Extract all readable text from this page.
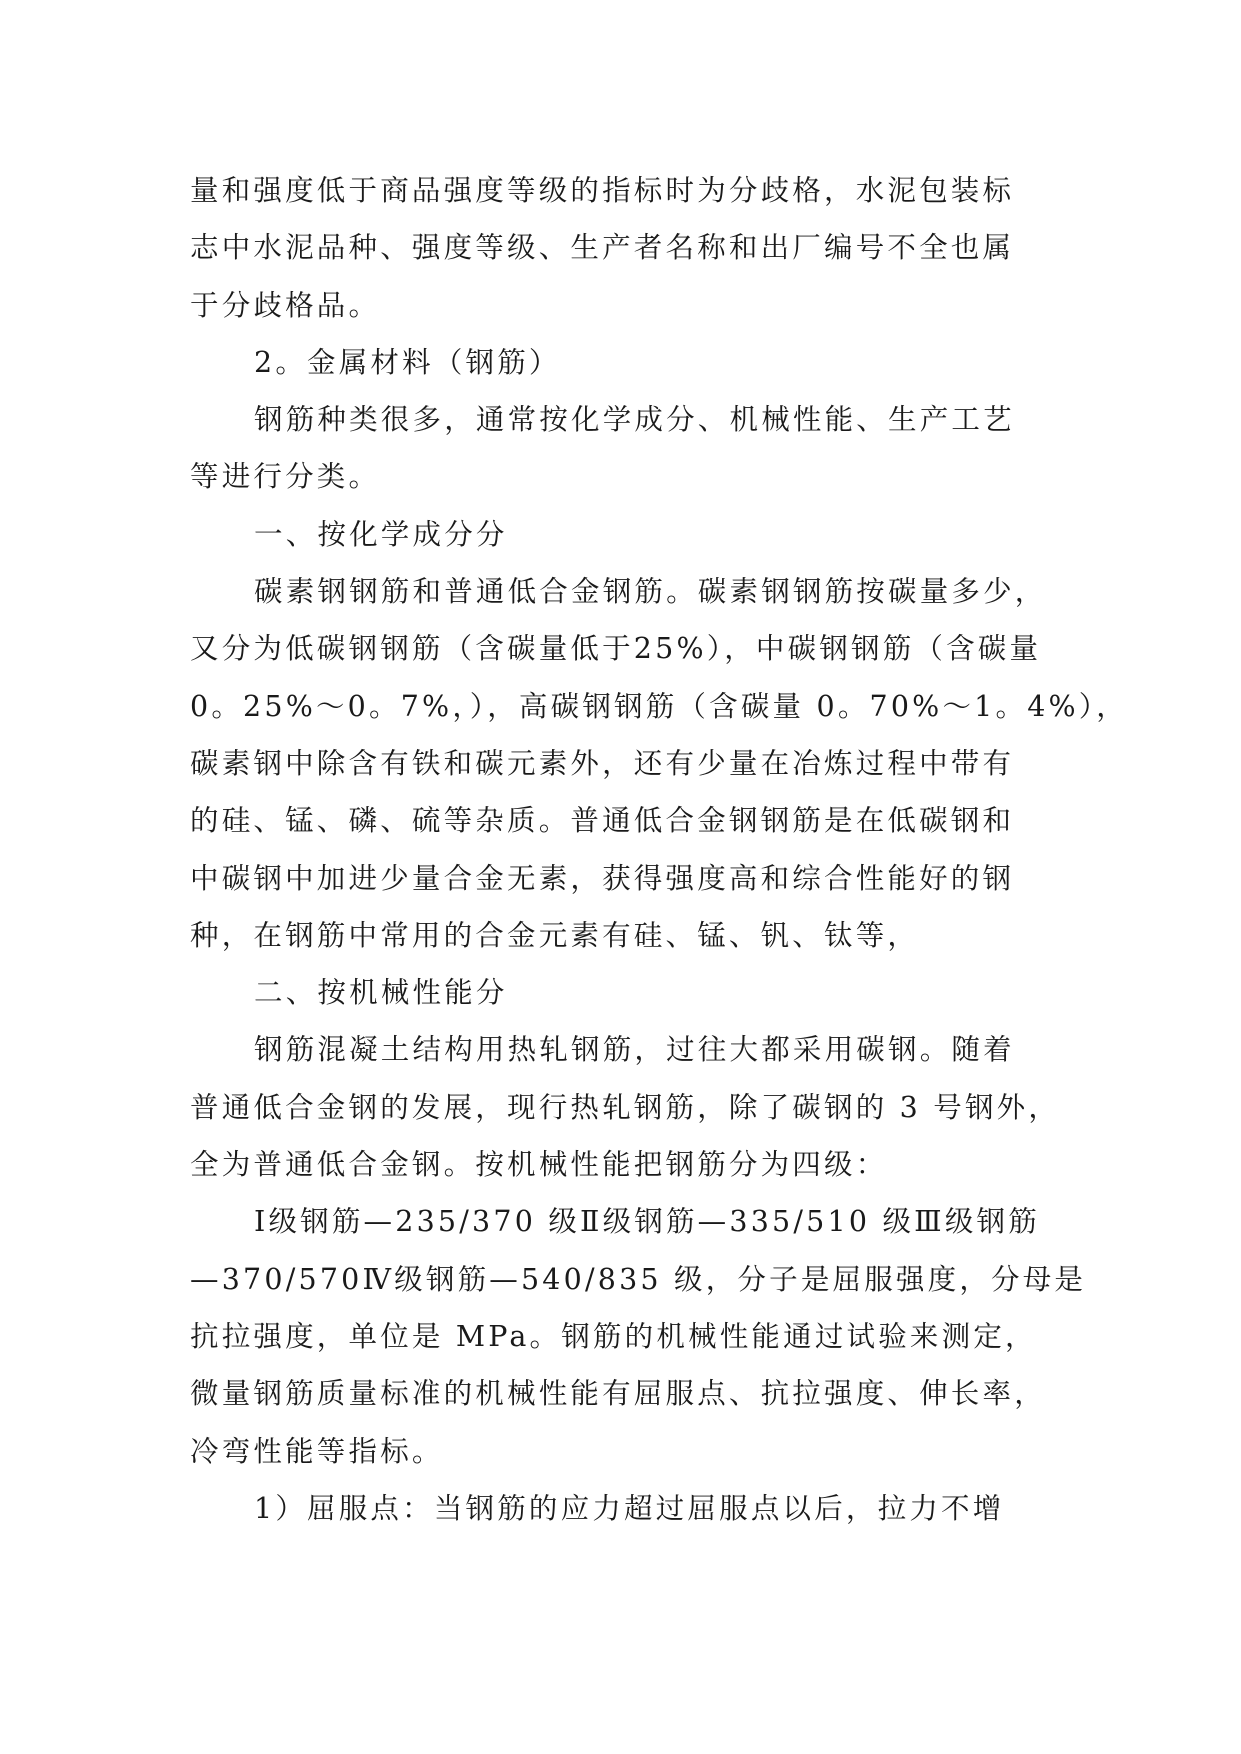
量和强度低于商品强度等级的指标时为分歧格，水泥包装标
志中水泥品种、强度等级、生产者名称和出厂编号不全也属
于分歧格品。
2。金属材料（钢筋）
钢筋种类很多，通常按化学成分、机械性能、生产工艺
等进行分类。
一、按化学成分分
碳素钢钢筋和普通低合金钢筋。碳素钢钢筋按碳量多少，
又分为低碳钢钢筋（含碳量低于25%），中碳钢钢筋（含碳量
0。25%～0。7%，），高碳钢钢筋（含碳量 0。70%～1。4%），
碳素钢中除含有铁和碳元素外，还有少量在冶炼过程中带有
的硅、锰、磷、硫等杂质。普通低合金钢钢筋是在低碳钢和
中碳钢中加进少量合金无素，获得强度高和综合性能好的钢
种，在钢筋中常用的合金元素有硅、锰、钒、钛等，
二、按机械性能分
钢筋混凝土结构用热轧钢筋，过往大都采用碳钢。随着
普通低合金钢的发展，现行热轧钢筋，除了碳钢的 3 号钢外，
全为普通低合金钢。按机械性能把钢筋分为四级：
Ⅰ级钢筋—235/370 级Ⅱ级钢筋—335/510 级Ⅲ级钢筋
—370/570Ⅳ级钢筋—540/835 级，分子是屈服强度，分母是
抗拉强度，单位是 MPa。钢筋的机械性能通过试验来测定，
微量钢筋质量标准的机械性能有屈服点、抗拉强度、伸长率，
冷弯性能等指标。
1）屈服点：当钢筋的应力超过屈服点以后，拉力不增
